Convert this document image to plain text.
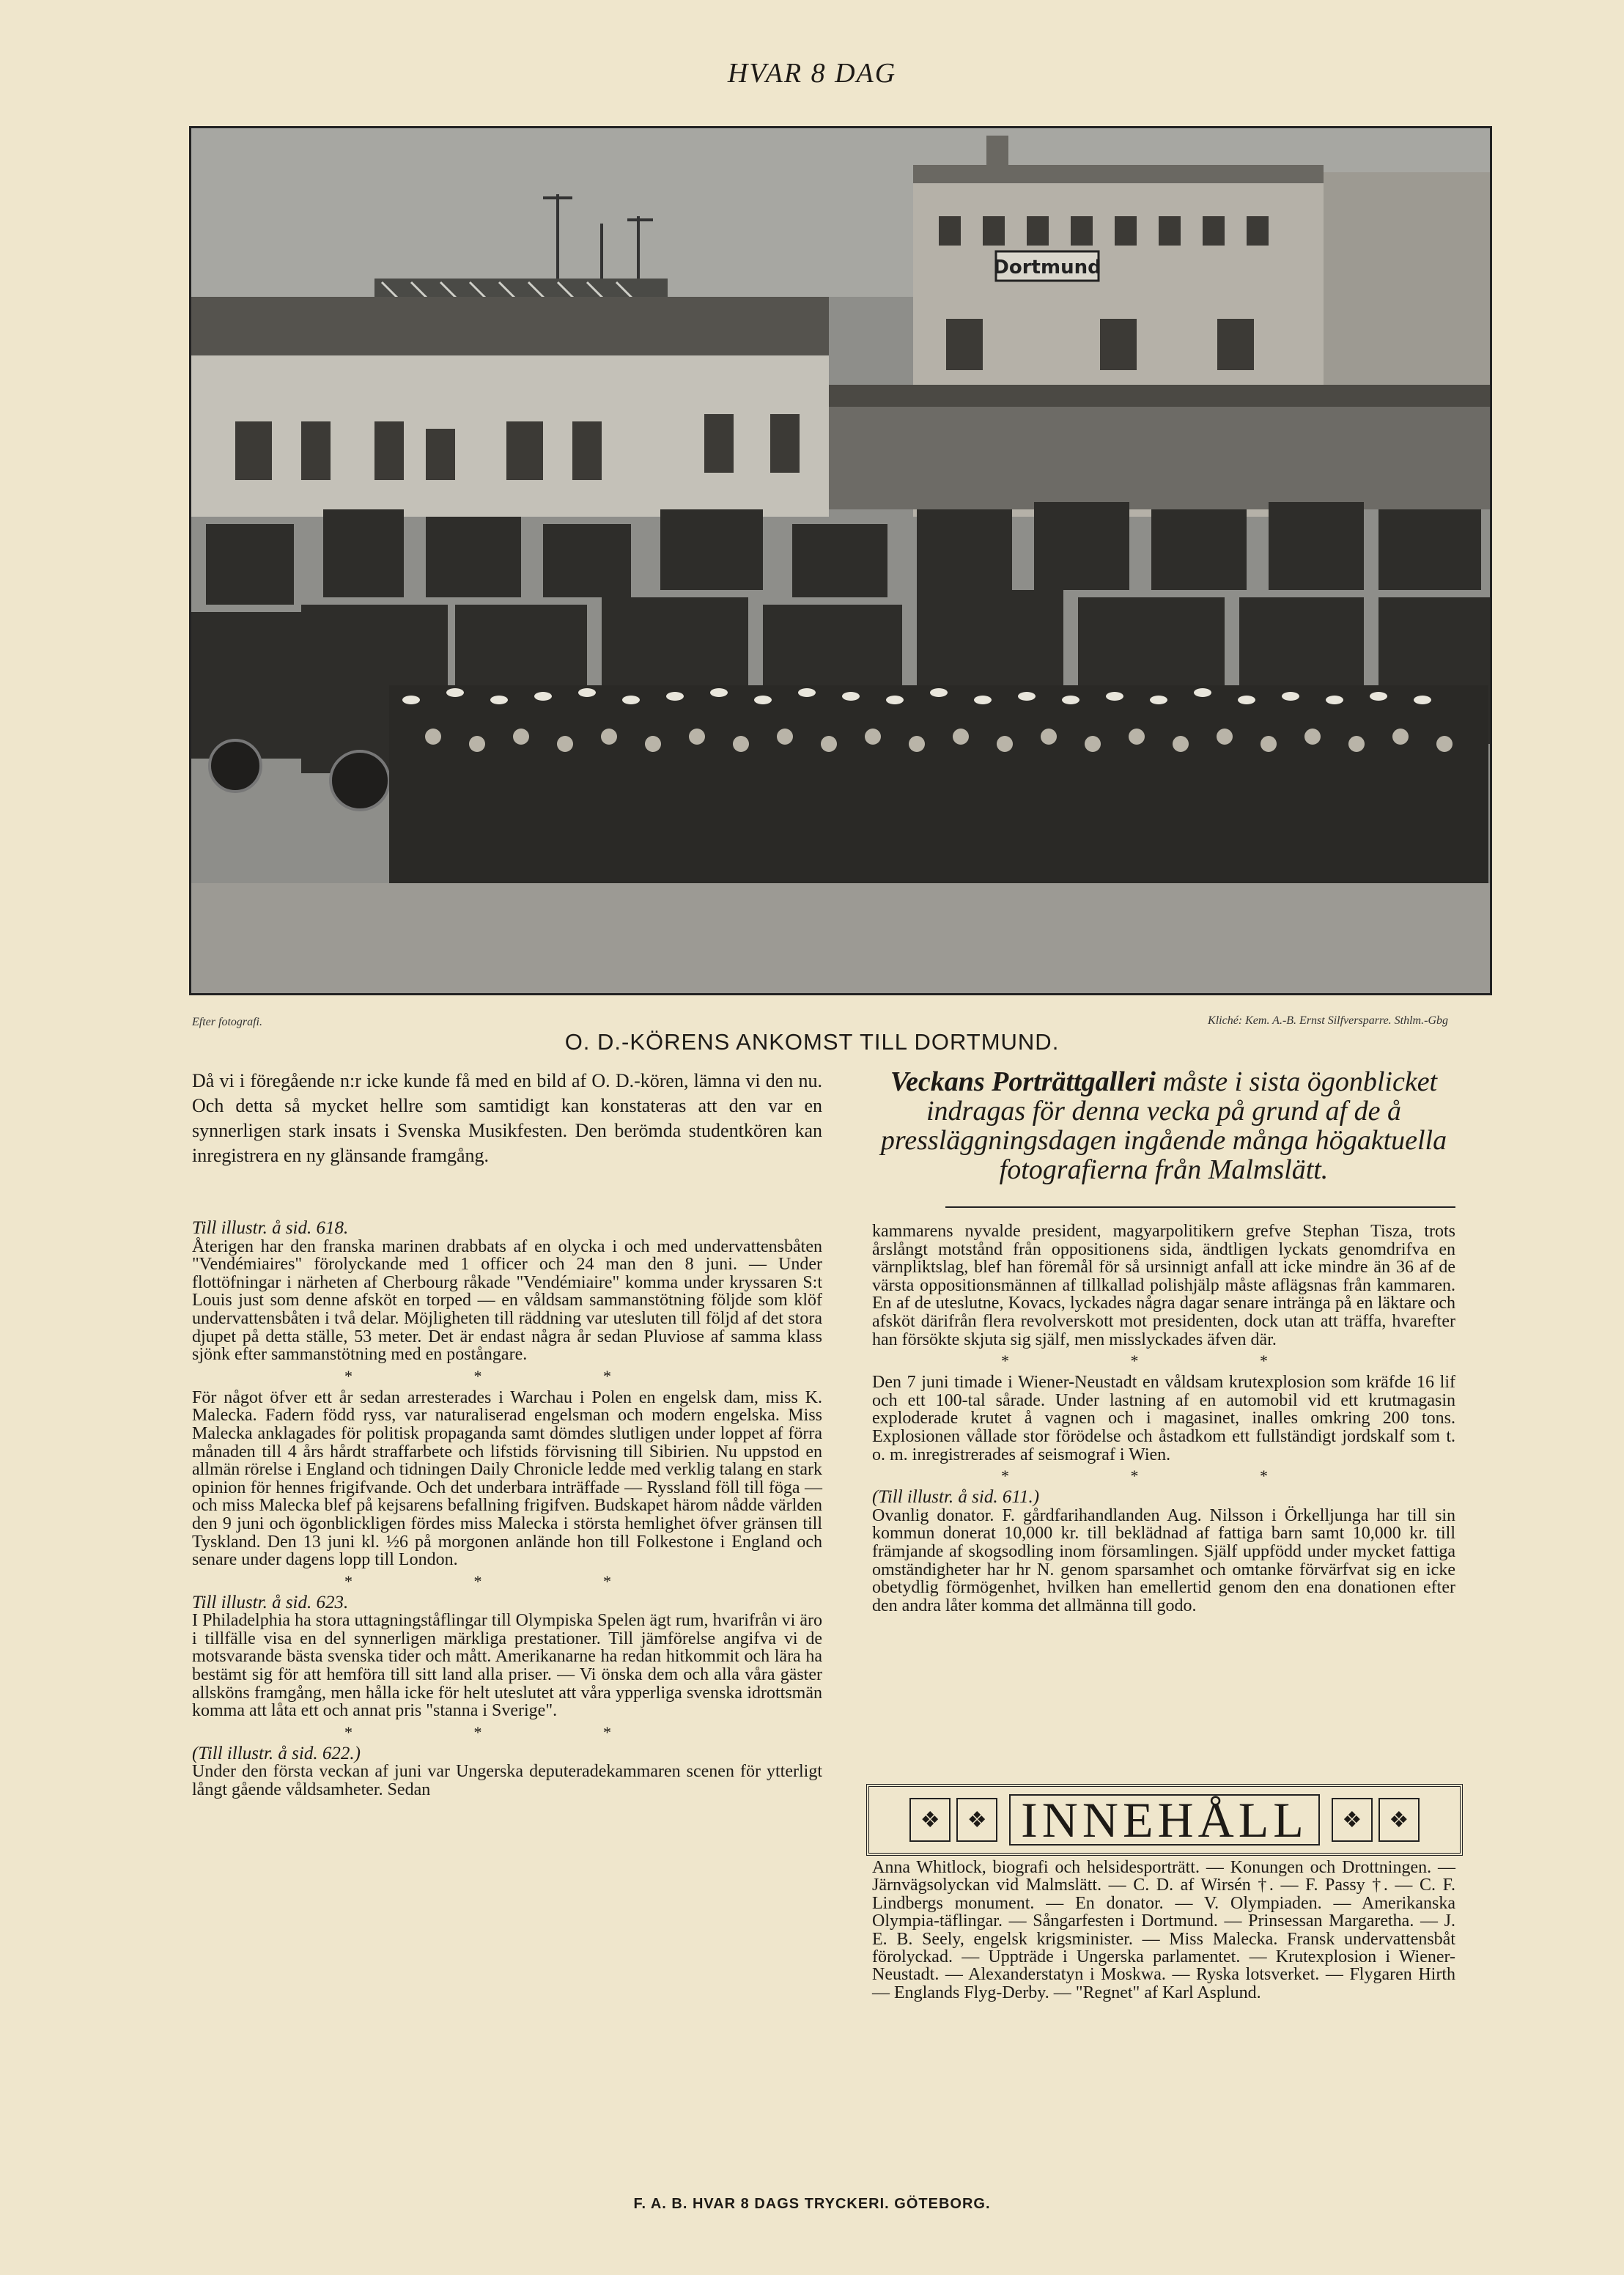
HVAR 8 DAG
Dortmund
Efter fotografi.	Kliché: Kem. A.-B. Ernst Silfversparre. Sthlm.-Gbg
O. D.-KÖRENS ANKOMST TILL DORTMUND.
Då vi i föregående n:r icke kunde få med en bild af O. D.-kören, lämna vi den nu. Och detta så mycket hellre som samtidigt kan konstateras att den var en synnerligen stark insats i Svenska Musikfesten. Den berömda studentkören kan inregistrera en ny glänsande framgång.
Veckans Porträttgalleri måste i sista ögonblicket indragas för denna vecka på grund af de å pressläggningsdagen ingående många högaktuella fotografierna från Malmslätt.

Till illustr. å sid. 618.

Återigen har den franska marinen drabbats af en olycka i och med undervattensbåten "Vendémiaires" förolyckande med 1 officer och 24 man den 8 juni. — Under flottöfningar i närheten af Cherbourg råkade "Vendémiaire" komma under kryssaren S:t Louis just som denne afsköt en torped — en våldsam sammanstötning följde som klöf undervattensbåten i två delar. Möjligheten till räddning var utesluten till följd af det stora djupet på detta ställe, 53 meter. Det är endast några år sedan Pluviose af samma klass sjönk efter sammanstötning med en postångare.

* * *

För något öfver ett år sedan arresterades i Warchau i Polen en engelsk dam, miss K. Malecka. Fadern född ryss, var naturaliserad engelsman och modern engelska. Miss Malecka anklagades för politisk propaganda samt dömdes slutligen under loppet af förra månaden till 4 års hårdt straffarbete och lifstids förvisning till Sibirien. Nu uppstod en allmän rörelse i England och tidningen Daily Chronicle ledde med verklig talang en stark opinion för hennes frigifvande. Och det underbara inträffade — Ryssland föll till föga — och miss Malecka blef på kejsarens befallning frigifven. Budskapet härom nådde världen den 9 juni och ögonblickligen fördes miss Malecka i största hemlighet öfver gränsen till Tyskland. Den 13 juni kl. ½6 på morgonen anlände hon till Folkestone i England och senare under dagens lopp till London.

* * *

Till illustr. å sid. 623.

I Philadelphia ha stora uttagningståflingar till Olympiska Spelen ägt rum, hvarifrån vi äro i tillfälle visa en del synnerligen märkliga prestationer. Till jämförelse angifva vi de motsvarande bästa svenska tider och mått. Amerikanarne ha redan hitkommit och lära ha bestämt sig för att hemföra till sitt land alla priser. — Vi önska dem och alla våra gäster allsköns framgång, men hålla icke för helt uteslutet att våra ypperliga svenska idrottsmän komma att låta ett och annat pris "stanna i Sverige".

* * *

(Till illustr. å sid. 622.)

Under den första veckan af juni var Ungerska deputeradekammaren scenen för ytterligt långt gående våldsamheter. Sedan

kammarens nyvalde president, magyarpolitikern grefve Stephan Tisza, trots årslångt motstånd från oppositionens sida, ändtligen lyckats genomdrifva en värnpliktslag, blef han föremål för så ursinnigt anfall att icke mindre än 36 af de värsta oppositionsmännen af tillkallad polishjälp måste aflägsnas från kammaren. En af de uteslutne, Kovacs, lyckades några dagar senare intränga på en läktare och afsköt därifrån flera revolverskott mot presidenten, dock utan att träffa, hvarefter han försökte skjuta sig själf, men misslyckades äfven där.

* * *

Den 7 juni timade i Wiener-Neustadt en våldsam krutexplosion som kräfde 16 lif och ett 100-tal sårade. Under lastning af en automobil vid ett krutmagasin exploderade krutet å vagnen och i magasinet, inalles omkring 200 tons. Explosionen vållade stor förödelse och åstadkom ett fullständigt jordskalf som t. o. m. inregistrerades af seismograf i Wien.

* * *

(Till illustr. å sid. 611.)

Ovanlig donator. F. gårdfarihandlanden Aug. Nilsson i Örkelljunga har till sin kommun donerat 10,000 kr. till beklädnad af fattiga barn samt 10,000 kr. till främjande af skogsodling inom församlingen. Själf uppfödd under mycket fattiga omständigheter har hr N. genom sparsamhet och omtanke förvärfvat sig en icke obetydlig förmögenhet, hvilken han emellertid genom den ena donationen efter den andra låter komma det allmänna till godo.

❖	❖ INNEHÅLL	❖	❖
Anna Whitlock, biografi och helsidesporträtt. — Konungen och Drottningen. — Järnvägsolyckan vid Malmslätt. — C. D. af Wirsén †. — F. Passy †. — C. F. Lindbergs monument. — En donator. — V. Olympiaden. — Amerikanska Olympia-täflingar. — Sångarfesten i Dortmund. — Prinsessan Margaretha. — J. E. B. Seely, engelsk krigsminister. — Miss Malecka. Fransk undervattensbåt förolyckad. — Uppträde i Ungerska parlamentet. — Krutexplosion i Wiener-Neustadt. — Alexanderstatyn i Moskwa. — Ryska lotsverket. — Flygaren Hirth — Englands Flyg-Derby. — "Regnet" af Karl Asplund.
F. A. B. HVAR 8 DAGS TRYCKERI. GÖTEBORG.
